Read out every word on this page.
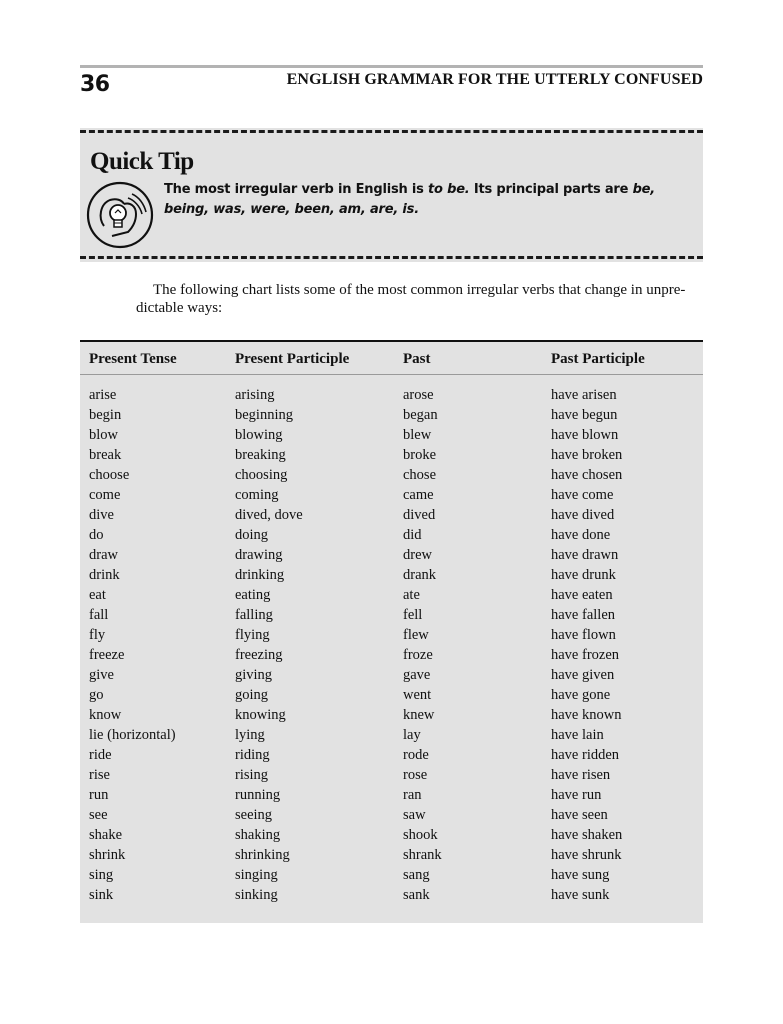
36	ENGLISH GRAMMAR FOR THE UTTERLY CONFUSED
Quick Tip
The most irregular verb in English is to be. Its principal parts are be, being, was, were, been, am, are, is.
The following chart lists some of the most common irregular verbs that change in unpre-
dictable ways:
Present Tense	Present Participle	Past	Past Participle
arise	arising	arose	have arisen
begin	beginning	began	have begun
blow	blowing	blew	have blown
break	breaking	broke	have broken
choose	choosing	chose	have chosen
come	coming	came	have come
dive	dived, dove	dived	have dived
do	doing	did	have done
draw	drawing	drew	have drawn
drink	drinking	drank	have drunk
eat	eating	ate	have eaten
fall	falling	fell	have fallen
fly	flying	flew	have flown
freeze	freezing	froze	have frozen
give	giving	gave	have given
go	going	went	have gone
know	knowing	knew	have known
lie (horizontal)	lying	lay	have lain
ride	riding	rode	have ridden
rise	rising	rose	have risen
run	running	ran	have run
see	seeing	saw	have seen
shake	shaking	shook	have shaken
shrink	shrinking	shrank	have shrunk
sing	singing	sang	have sung
sink	sinking	sank	have sunk
